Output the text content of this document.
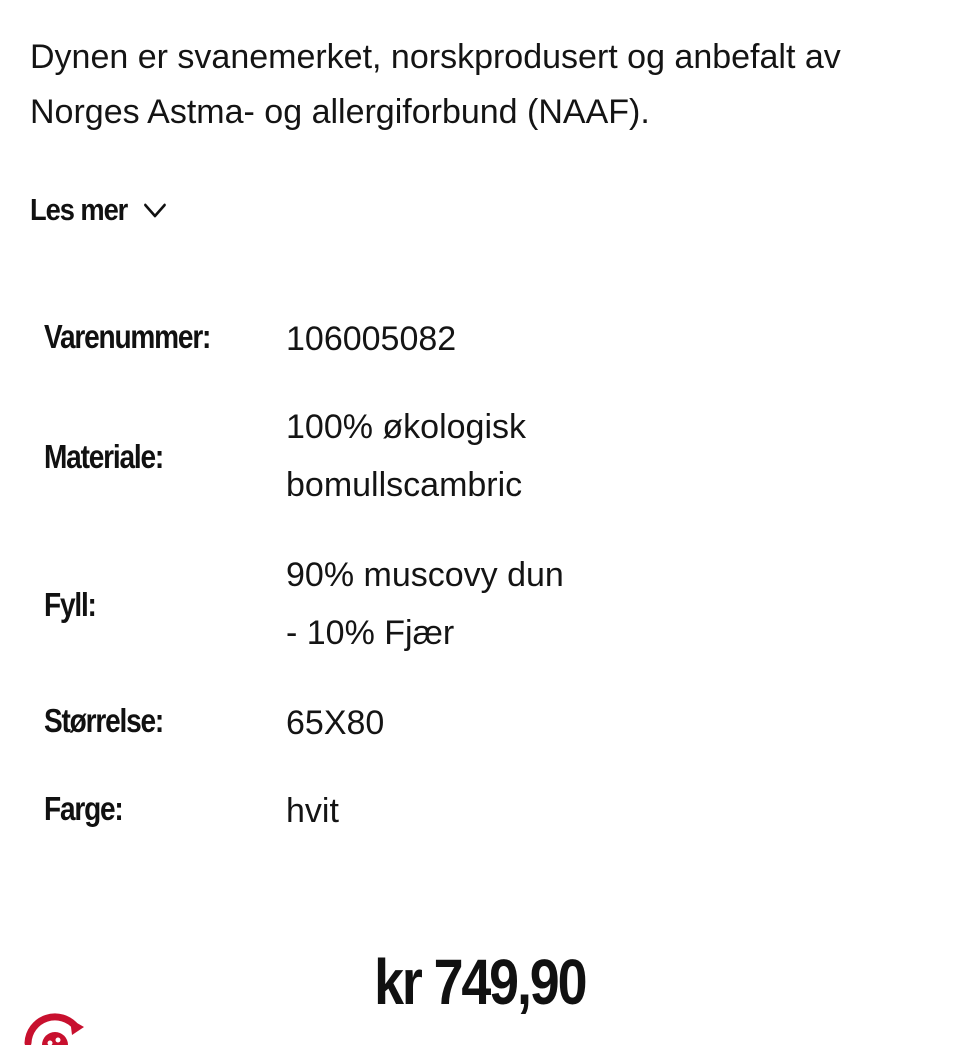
Dynen er svanemerket, norskprodusert og anbefalt av
Norges Astma- og allergiforbund (NAAF).
Les mer
Varenummer: 106005082
Materiale:
100% økologisk
bomullscambric
Fyll:
90% muscovy dun
- 10% Fjær
Størrelse:	65X80
Farge:	hvit
kr 749,90
